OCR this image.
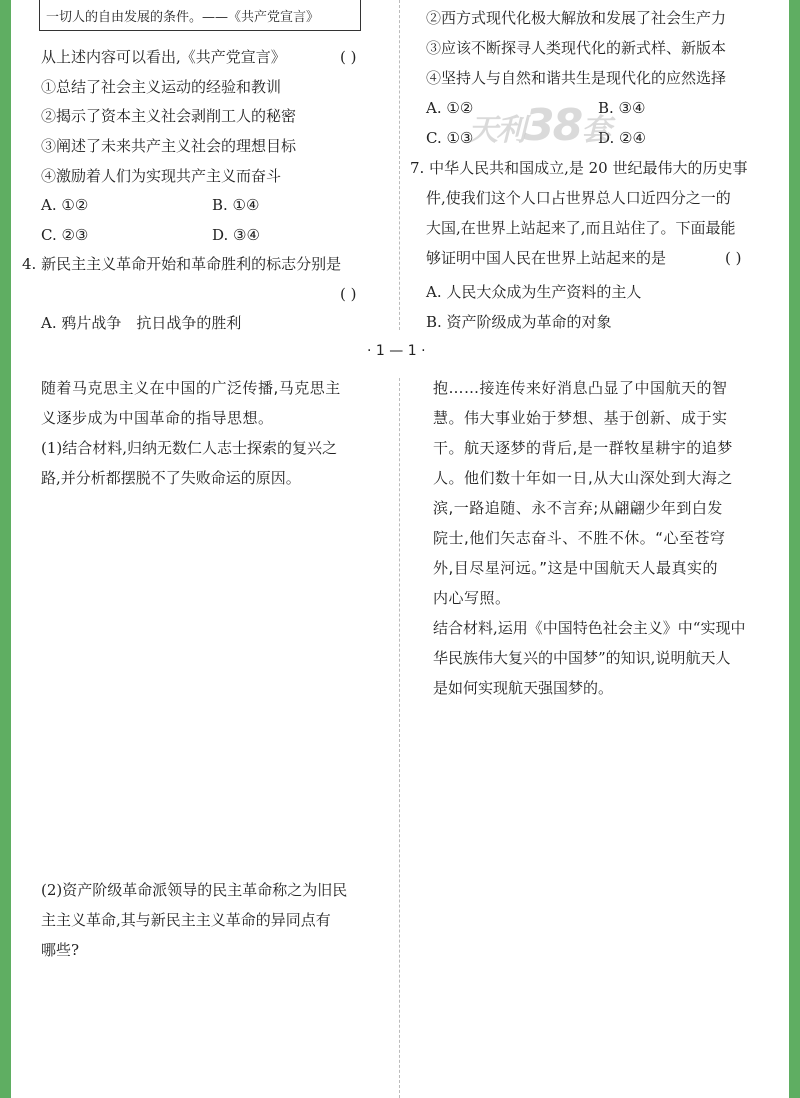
一切人的自由发展的条件。——《共产党宣言》
从上述内容可以看出,《共产党宣言》	( )
①总结了社会主义运动的经验和教训
②揭示了资本主义社会剥削工人的秘密
③阐述了未来共产主义社会的理想目标
④激励着人们为实现共产主义而奋斗
A. ①②	B. ①④
C. ②③	D. ③④
4. 新民主主义革命开始和革命胜利的标志分别是
( )
A. 鸦片战争　抗日战争的胜利
②西方式现代化极大解放和发展了社会生产力
③应该不断探寻人类现代化的新式样、新版本
④坚持人与自然和谐共生是现代化的应然选择
A. ①②	B. ③④
C. ①③	D. ②④
7. 中华人民共和国成立,是 20 世纪最伟大的历史事
件,使我们这个人口占世界总人口近四分之一的
大国,在世界上站起来了,而且站住了。下面最能
够证明中国人民在世界上站起来的是	( )
A. 人民大众成为生产资料的主人
B. 资产阶级成为革命的对象
天利38套
· 1 — 1 ·
随着马克思主义在中国的广泛传播,马克思主
义逐步成为中国革命的指导思想。
(1)结合材料,归纳无数仁人志士探索的复兴之
路,并分析都摆脱不了失败命运的原因。
(2)资产阶级革命派领导的民主革命称之为旧民
主主义革命,其与新民主主义革命的异同点有
哪些?
抱……接连传来好消息凸显了中国航天的智
慧。伟大事业始于梦想、基于创新、成于实
干。航天逐梦的背后,是一群牧星耕宇的追梦
人。他们数十年如一日,从大山深处到大海之
滨,一路追随、永不言弃;从翩翩少年到白发
院士,他们矢志奋斗、不胜不休。“心至苍穹
外,目尽星河远。”这是中国航天人最真实的
内心写照。
结合材料,运用《中国特色社会主义》中“实现中
华民族伟大复兴的中国梦”的知识,说明航天人
是如何实现航天强国梦的。
